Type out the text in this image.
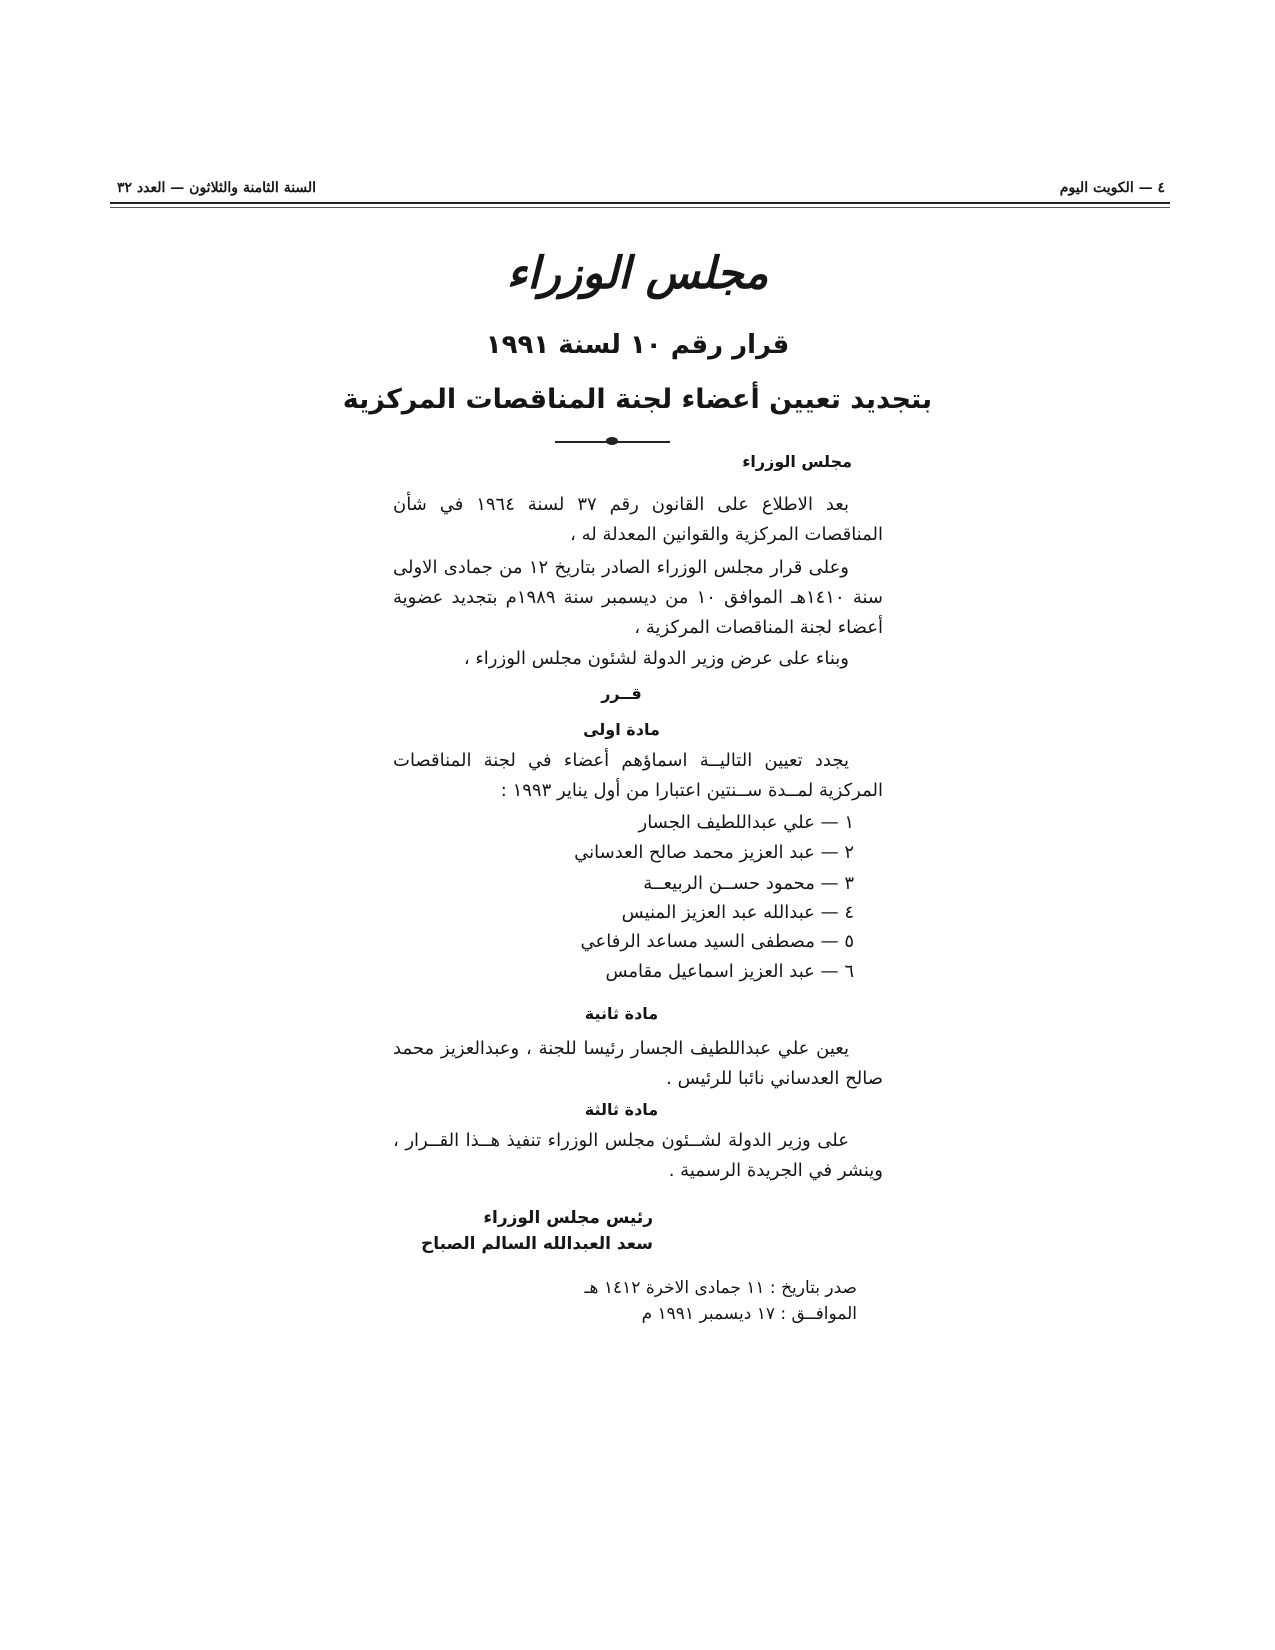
٤ — الكويت اليوم
السنة الثامنة والثلاثون — العدد ٣٢
مجلس الوزراء
قرار رقم ١٠ لسنة ١٩٩١
بتجديد تعيين أعضاء لجنة المناقصات المركزية
مجلس الوزراء

بعد الاطلاع على القانون رقم ٣٧ لسنة ١٩٦٤ في شأن المناقصات المركزية والقوانين المعدلة له ،

وعلى قرار مجلس الوزراء الصادر بتاريخ ١٢ من جمادى الاولى سنة ١٤١٠هـ الموافق ١٠ من ديسمبر سنة ١٩٨٩م بتجديد عضوية أعضاء لجنة المناقصات المركزية ،

وبناء على عرض وزير الدولة لشئون مجلس الوزراء ،

قــرر
مادة اولى

يجدد تعيين التاليــة اسماؤهم أعضاء في لجنة المناقصات المركزية لمــدة ســنتين اعتبارا من أول يناير ١٩٩٣ :

١ — علي عبداللطيف الجسار
٢ — عبد العزيز محمد صالح العدساني
٣ — محمود حســن الربيعــة
٤ — عبدالله عبد العزيز المنيس
٥ — مصطفى السيد مساعد الرفاعي
٦ — عبد العزيز اسماعيل مقامس
مادة ثانية

يعين علي عبداللطيف الجسار رئيسا للجنة ، وعبدالعزيز محمد صالح العدساني نائبا للرئيس .

مادة ثالثة

على وزير الدولة لشــئون مجلس الوزراء تنفيذ هــذا القــرار ، وينشر في الجريدة الرسمية .

رئيس مجلس الوزراء
سعد العبدالله السالم الصباح
صدر بتاريخ : ١١ جمادى الاخرة ١٤١٢ هـ
الموافــق : ١٧ ديسمبر ١٩٩١ م
